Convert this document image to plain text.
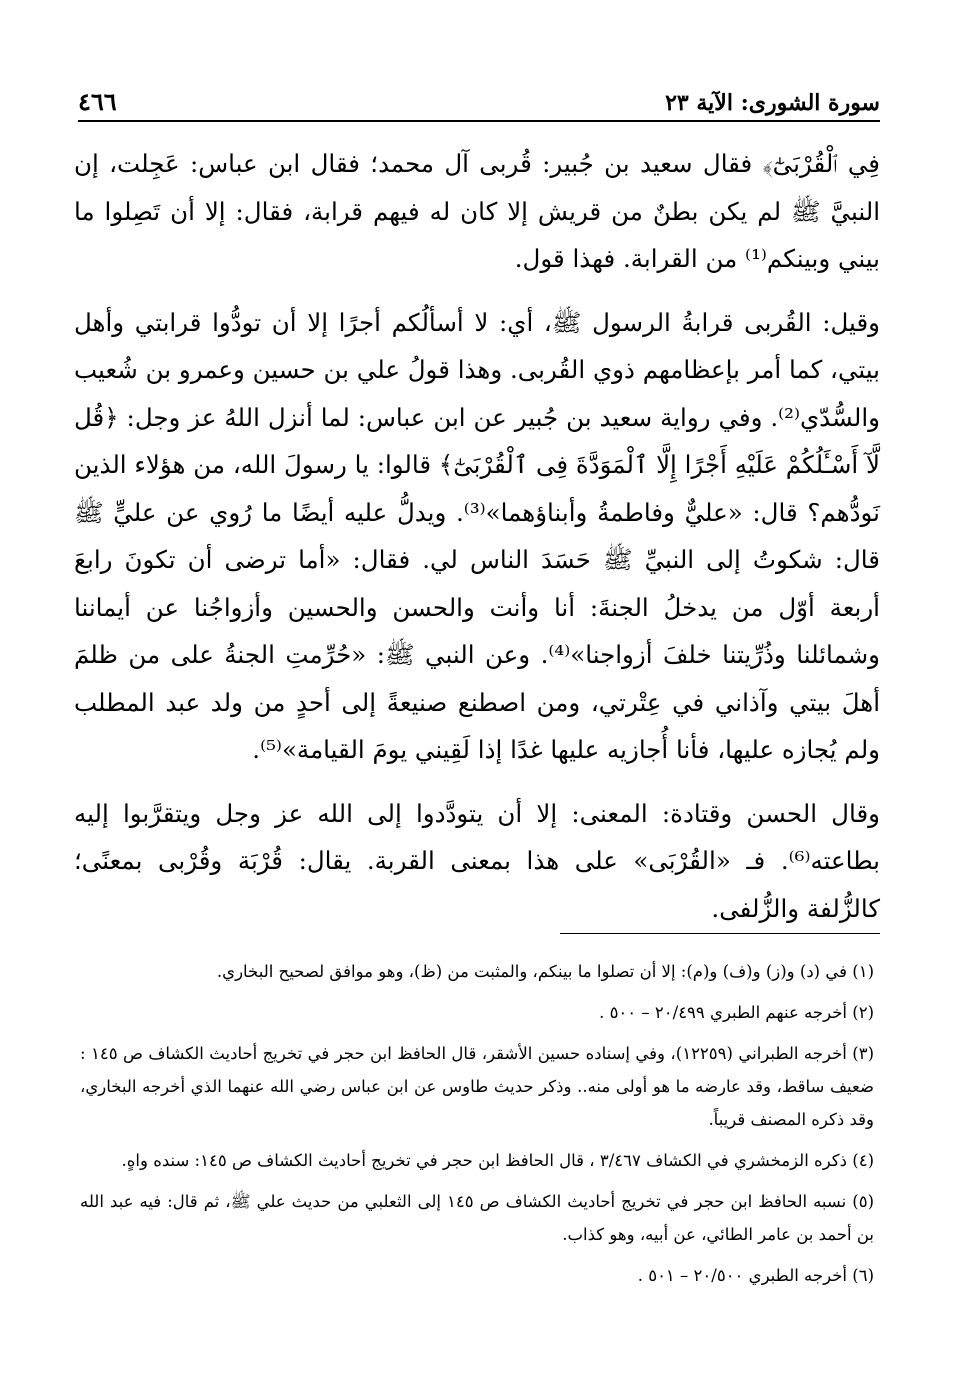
سورة الشورى: الآية ٢٣
٤٦٦

فِي ٱلْقُرْبَىٰٓ﴾ فقال سعيد بن جُبير: قُربى آل محمد؛ فقال ابن عباس: عَجِلت، إن النبيَّ ﷺ لم يكن بطنٌ من قريش إلا كان له فيهم قرابة، فقال: إلا أن تَصِلوا ما بيني وبينكم⁽¹⁾ من القرابة. فهذا قول.

وقيل: القُربى قرابةُ الرسول ﷺ، أي: لا أسألُكم أجرًا إلا أن تودُّوا قرابتي وأهل بيتي، كما أمر بإعظامهم ذوي القُربى. وهذا قولُ علي بن حسين وعمرو بن شُعيب والسُّدّي⁽²⁾. وفي رواية سعيد بن جُبير عن ابن عباس: لما أنزل اللهُ عز وجل: ﴿قُل لَّآ أَسْـَٔلُكُمْ عَلَيْهِ أَجْرًا إِلَّا ٱلْمَوَدَّةَ فِى ٱلْقُرْبَىٰٓ﴾ قالوا: يا رسولَ الله، من هؤلاء الذين نَودُّهم؟ قال: «عليٌّ وفاطمةُ وأبناؤهما»⁽³⁾. ويدلُّ عليه أيضًا ما رُوي عن عليٍّ ﷺ قال: شكوتُ إلى النبيِّ ﷺ حَسَدَ الناس لي. فقال: «أما ترضى أن تكونَ رابعَ أربعة أوّل من يدخلُ الجنةَ: أنا وأنت والحسن والحسين وأزواجُنا عن أيماننا وشمائلنا وذُرِّيتنا خلفَ أزواجنا»⁽⁴⁾. وعن النبي ﷺ: «حُرِّمتِ الجنةُ على من ظلمَ أهلَ بيتي وآذاني في عِتْرتي، ومن اصطنع صنيعةً إلى أحدٍ من ولد عبد المطلب ولم يُجازه عليها، فأنا أُجازيه عليها غدًا إذا لَقِيني يومَ القيامة»⁽⁵⁾.

وقال الحسن وقتادة: المعنى: إلا أن يتودَّدوا إلى الله عز وجل ويتقرَّبوا إليه بطاعته⁽⁶⁾. فـ «القُرْبَى» على هذا بمعنى القربة. يقال: قُرْبَة وقُرْبى بمعنًى؛ كالزُّلفة والزُّلفى.

(١) في (د) و(ز) و(ف) و(م): إلا أن تصلوا ما بينكم، والمثبت من (ظ)، وهو موافق لصحيح البخاري.

(٢) أخرجه عنهم الطبري ٢٠/٤٩٩ – ٥٠٠ .

(٣) أخرجه الطبراني (١٢٢٥٩)، وفي إسناده حسين الأشقر، قال الحافظ ابن حجر في تخريج أحاديث الكشاف ص ١٤٥ : ضعيف ساقط، وقد عارضه ما هو أولى منه.. وذكر حديث طاوس عن ابن عباس رضي الله عنهما الذي أخرجه البخاري، وقد ذكره المصنف قريباً.

(٤) ذكره الزمخشري في الكشاف ٣/٤٦٧ ، قال الحافظ ابن حجر في تخريج أحاديث الكشاف ص ١٤٥: سنده واهٍ.

(٥) نسبه الحافظ ابن حجر في تخريج أحاديث الكشاف ص ١٤٥ إلى الثعلبي من حديث علي ﷺ، ثم قال: فيه عبد الله بن أحمد بن عامر الطائي، عن أبيه، وهو كذاب.

(٦) أخرجه الطبري ٢٠/٥٠٠ – ٥٠١ .
